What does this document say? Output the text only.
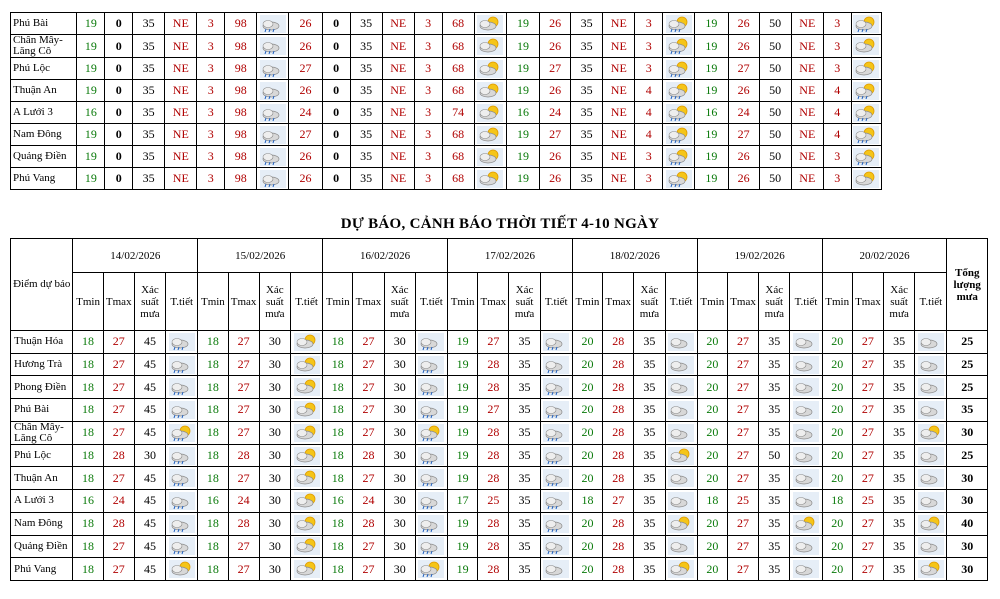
Phú Bài	19	0	35	NE	3	98		26	0	35	NE	3	68		19	26	35	NE	3		19	26	50	NE	3	

Chân Mây-Lăng Cô	19	0	35	NE	3	98		26	0	35	NE	3	68		19	26	35	NE	3		19	26	50	NE	3	

Phú Lộc	19	0	35	NE	3	98		27	0	35	NE	3	68		19	27	35	NE	3		19	27	50	NE	3	

Thuận An	19	0	35	NE	3	98		26	0	35	NE	3	68		19	26	35	NE	4		19	26	50	NE	4	

A Lưới 3	16	0	35	NE	3	98		24	0	35	NE	3	74		16	24	35	NE	4		16	24	50	NE	4	

Nam Đông	19	0	35	NE	3	98		27	0	35	NE	3	68		19	27	35	NE	4		19	27	50	NE	4	

Quảng Điền	19	0	35	NE	3	98		26	0	35	NE	3	68		19	26	35	NE	3		19	26	50	NE	3	

Phú Vang	19	0	35	NE	3	98		26	0	35	NE	3	68		19	26	35	NE	3		19	26	50	NE	3	
DỰ BÁO, CẢNH BÁO THỜI TIẾT 4-10 NGÀY
Điểm dự báo	14/02/2026				15/02/2026				16/02/2026				17/02/2026				18/02/2026				19/02/2026				20/02/2026				Tổng lượng mưa
	Tmin	Tmax	Xác suất mưa	T.tiết	Tmin	Tmax	Xác suất mưa	T.tiết	Tmin	Tmax	Xác suất mưa	T.tiết	Tmin	Tmax	Xác suất mưa	T.tiết	Tmin	Tmax	Xác suất mưa	T.tiết	Tmin	Tmax	Xác suất mưa	T.tiết	Tmin	Tmax	Xác suất mưa	T.tiết	
Thuận Hóa	18	27	45		18	27	30		18	27	30		19	27	35		20	28	35		20	27	35		20	27	35		25
Hương Trà	18	27	45		18	27	30		18	27	30		19	28	35		20	28	35		20	27	35		20	27	35		25
Phong Điền	18	27	45		18	27	30		18	27	30		19	28	35		20	28	35		20	27	35		20	27	35		25
Phú Bài	18	27	45		18	27	30		18	27	30		19	27	35		20	28	35		20	27	35		20	27	35		35
Chân Mây-Lăng Cô	18	27	45		18	27	30		18	27	30		19	28	35		20	28	35		20	27	35		20	27	35		30
Phú Lộc	18	28	30		18	28	30		18	28	30		19	28	35		20	28	35		20	27	50		20	27	35		25
Thuận An	18	27	45		18	27	30		18	27	30		19	28	35		20	28	35		20	27	35		20	27	35		30
A Lưới 3	16	24	45		16	24	30		16	24	30		17	25	35		18	27	35		18	25	35		18	25	35		30
Nam Đông	18	28	45		18	28	30		18	28	30		19	28	35		20	28	35		20	27	35		20	27	35		40
Quảng Điền	18	27	45		18	27	30		18	27	30		19	28	35		20	28	35		20	27	35		20	27	35		30
Phú Vang	18	27	45		18	27	30		18	27	30		19	28	35		20	28	35		20	27	35		20	27	35		30
